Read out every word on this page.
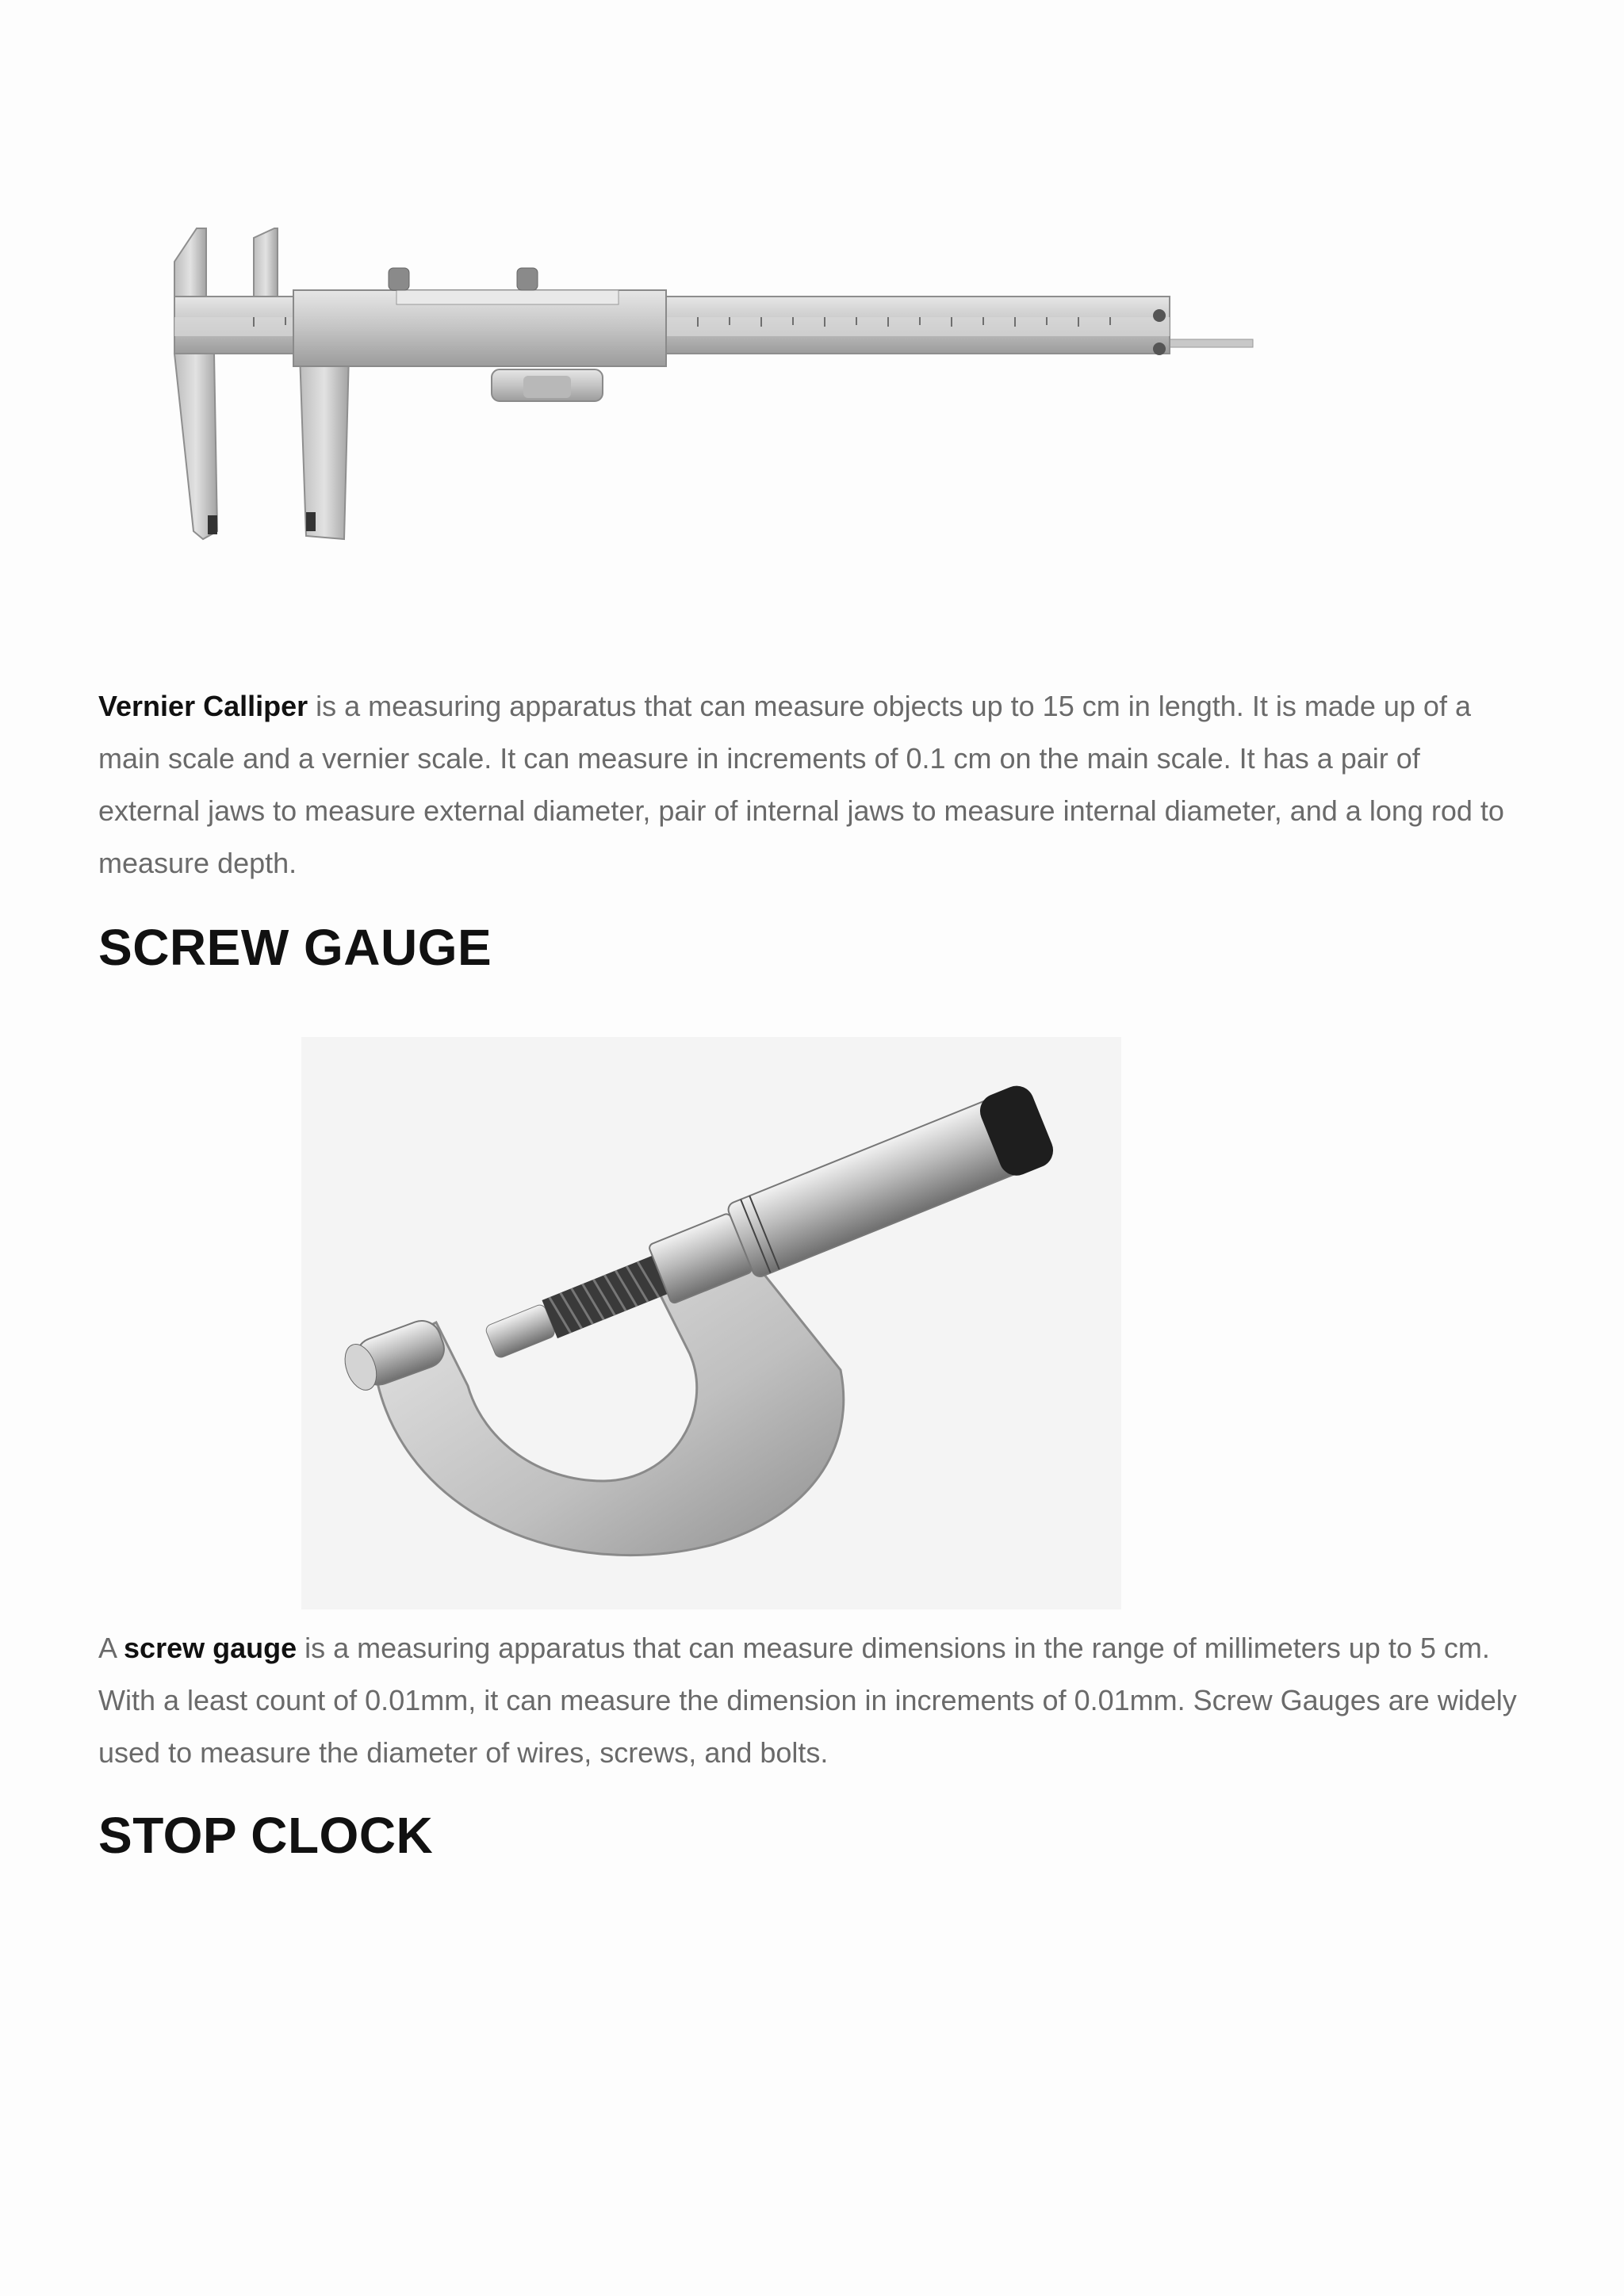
Vernier Calliper is a measuring apparatus that can measure objects up to 15 cm in length. It is made up of a main scale and a vernier scale. It can measure in increments of 0.1 cm on the main scale. It has a pair of external jaws to measure external diameter, pair of internal jaws to measure internal diameter, and a long rod to measure depth.

SCREW GAUGE

A screw gauge is a measuring apparatus that can measure dimensions in the range of millimeters up to 5 cm. With a least count of 0.01mm, it can measure the dimension in increments of 0.01mm. Screw Gauges are widely used to measure the diameter of wires, screws, and bolts.

STOP CLOCK
